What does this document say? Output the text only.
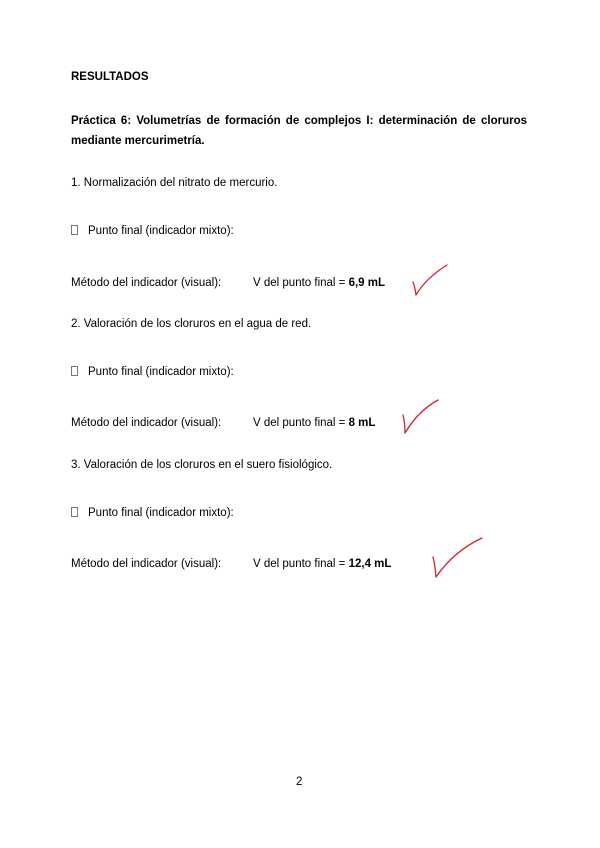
RESULTADOS
Práctica 6: Volumetrías de formación de complejos I: determinación de cloruros mediante mercurimetría.
1. Normalización del nitrato de mercurio.
Punto final (indicador mixto):
Método del indicador (visual):	V del punto final = 6,9 mL
2. Valoración de los cloruros en el agua de red.
Punto final (indicador mixto):
Método del indicador (visual):	V del punto final = 8 mL
3. Valoración de los cloruros en el suero fisiológico.
Punto final (indicador mixto):
Método del indicador (visual):	V del punto final = 12,4 mL
2
